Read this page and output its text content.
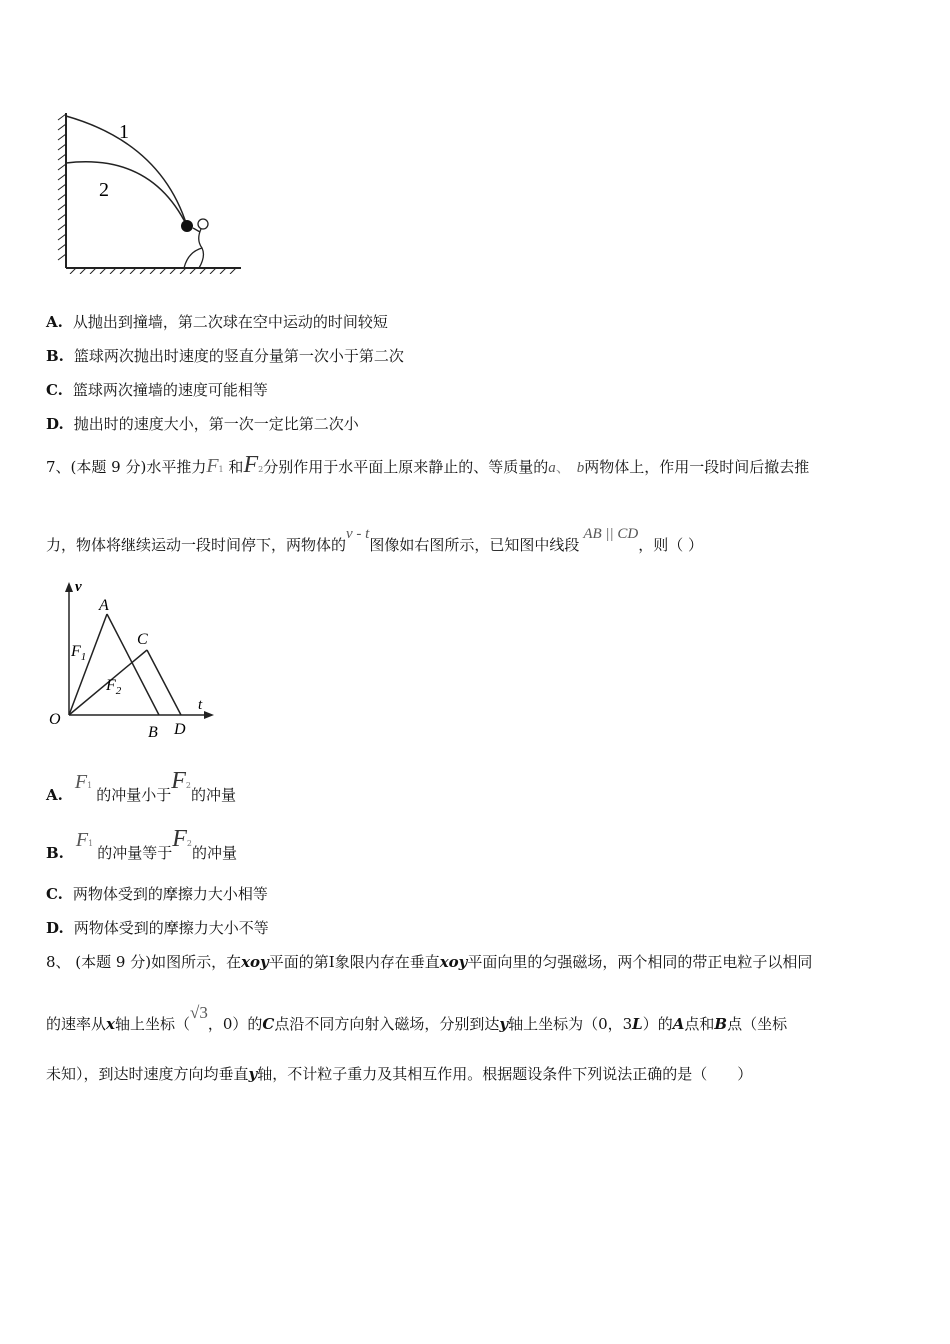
1
2
A. 从抛出到撞墙，第二次球在空中运动的时间较短
B. 篮球两次抛出时速度的竖直分量第一次小于第二次
C. 篮球两次撞墙的速度可能相等
D. 抛出时的速度大小，第一次一定比第二次小
7、(本题 9 分)水平推力F1 和F2分别作用于水平面上原来静止的、等质量的a、 b两物体上，作用一段时间后撤去推
力，物体将继续运动一段时间停下，两物体的v - t图像如右图所示，已知图中线段AB || CD，则（ ）
v
t
O
A
B
C
D
$F_1$
$F_2$
A.F1的冲量小于F2的冲量
B.F1的冲量等于F2的冲量
C. 两物体受到的摩擦力大小相等
D. 两物体受到的摩擦力大小不等
8、 (本题 9 分)如图所示，在xoy平面的第Ⅰ象限内存在垂直xoy平面向里的匀强磁场，两个相同的带正电粒子以相同
的速率从x轴上坐标（√3，0）的C点沿不同方向射入磁场，分别到达y轴上坐标为（0，3L）的A点和B点（坐标
未知），到达时速度方向均垂直y轴，不计粒子重力及其相互作用。根据题设条件下列说法正确的是（　　）
